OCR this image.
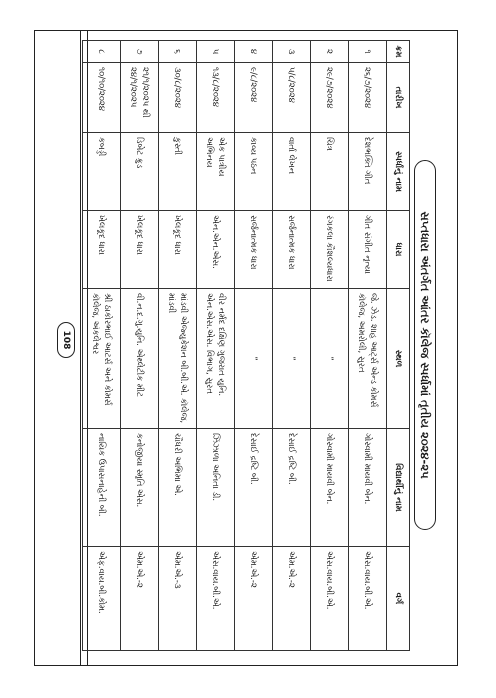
108	સપ્તધારા અંતર્ગત આંતર કૉલેજ સ્પર્ધામાં તૃતીય ૨૦૨૪-૨૫
ક્રમ	તારીખ	સ્પર્ધાનું નામ	ધારા	સ્થળ	વિદ્યાર્થીનું નામ	વર્ગ
૧	૨૬/૭/૨૦૨૪	દેશભક્તિ ગીત	ગીત સંગીત નૃત્યા	જે. ઝેડ. શાહ આર્ટ્સ એન્ડ કોમર્સ કૉલેજ, અમરોલી, સુરત	ગોસ્વામી માયવી બેન.	એસ.વાય.બી.એ.
૨	૨૯/૭/૨૦૨૪	ચિત્ર	રંગકલા કૌશલ્યધારા	”	ગોસ્વામી માયવી બેન.	એસ.વાય.બી.એ.
૩	૫/૮/૨૦૨૪	વાર્તા લેખન	સર્જનાત્મક ધારા	”	દેસાઈ દ્રષ્ટિ બી.	એમ.એ.-૨
૪	૯/૮/૨૦૨૪	કાવ્ય પઠન	સર્જનાત્મક ધારા	”	દેસાઈ દ્રષ્ટિ બી.	એમ.એ.-૨
૫	૧૩/૮/૨૦૨૪	એક પાત્રીય અભિનય	એન.એન.એસ.	વીર નર્મદ દક્ષિણ ગુજરાત યુનિ. એન.એસ.એસ. વિભાગ, સુરત	ઝિંઝાળા અનિતા ડી.	એસ.વાય.બી.એ.
૬	૩૦/૮/૨૦૨૪	કુસ્તી	ખેલકૂદ ધારા	માંડવી એજ્યુકેશન બી.બી.એ. કૉલેજ, માંડવી	ચૌધરી અભિમા એ.	એમ.એ.-૩
૭	૨૧/૧/૨૦૨૫ થી ૨૪/૧/૨૦૨૫	ડિબેટ ક્રુડ	ખેલકૂદ ધારા	વી.ન.દ.ગુ.યુનિ. એથ્લેટીક મીટ	કનોજીયા સ્મૃતિ એસ.	એમ.એ.-૨
૮	૧૦/૧૦/૨૦૨૪	કબડ્ડી	ખેલકૂદ ધારા	શ્રી ઠાકોરભાઈ આટર્સ અને કોમર્સ કૉલેજ, અંકલેશ્વર	નાયિક ઉપાસનાહેની બી.	એફ.વાય.બી.કોમ.
